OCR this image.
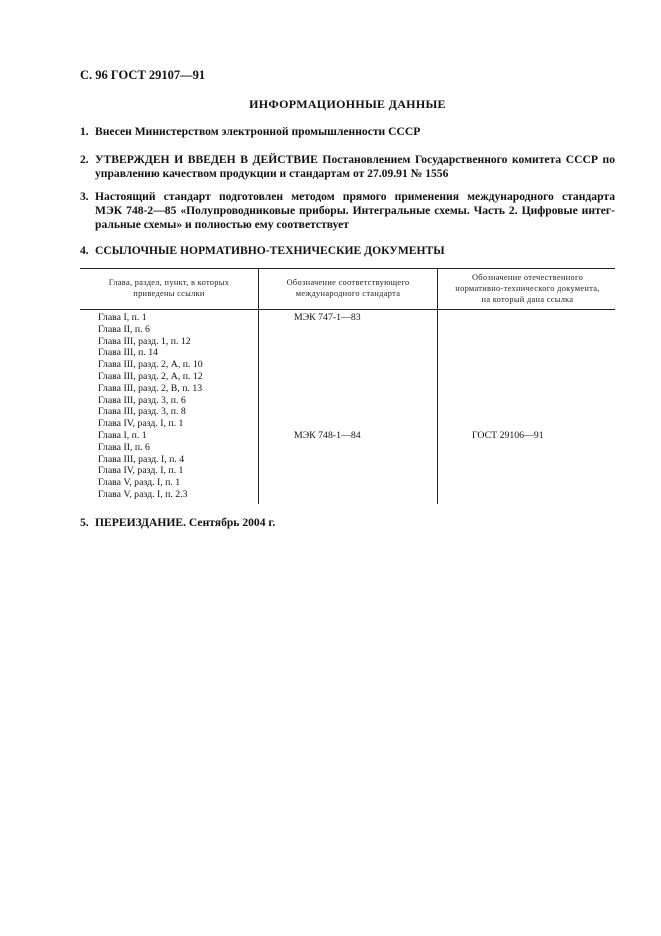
С. 96 ГОСТ 29107—91
ИНФОРМАЦИОННЫЕ ДАННЫЕ
1. Внесен Министерством электронной промышленности СССР
2. УТВЕРЖДЕН И ВВЕДЕН В ДЕЙСТВИЕ Постановлением Государственного комитета СССР по
управлению качеством продукции и стандартам от 27.09.91 № 1556
3. Настоящий стандарт подготовлен методом прямого применения международного стандарта
МЭК 748-2—85 «Полупроводниковые приборы. Интегральные схемы. Часть 2. Цифровые интег-
ральные схемы» и полностью ему соответствует
4. ССЫЛОЧНЫЕ НОРМАТИВНО-ТЕХНИЧЕСКИЕ ДОКУМЕНТЫ
Глава, раздел, пункт, в которых
приведены ссылки
Обозначение соответствующего
международного стандарта
Обозначение отечественного
нормативно-технического документа,
на который дана ссылка
Глава I, п. 1
Глава II, п. 6
Глава III, разд. 1, п. 12
Глава III, п. 14
Глава III, разд. 2, А, п. 10
Глава III, разд. 2, А, п. 12
Глава III, разд. 2, В, п. 13
Глава III, разд. 3, п. 6
Глава III, разд. 3, п. 8
Глава IV, разд. I, п. 1
Глава I, п. 1
Глава II, п. 6
Глава III, разд. I, п. 4
Глава IV, разд. I, п. 1
Глава V, разд. I, п. 1
Глава V, разд. I, п. 2.3
МЭК 747-1—83
МЭК 748-1—84	ГОСТ 29106—91
5. ПЕРЕИЗДАНИЕ. Сентябрь 2004 г.
